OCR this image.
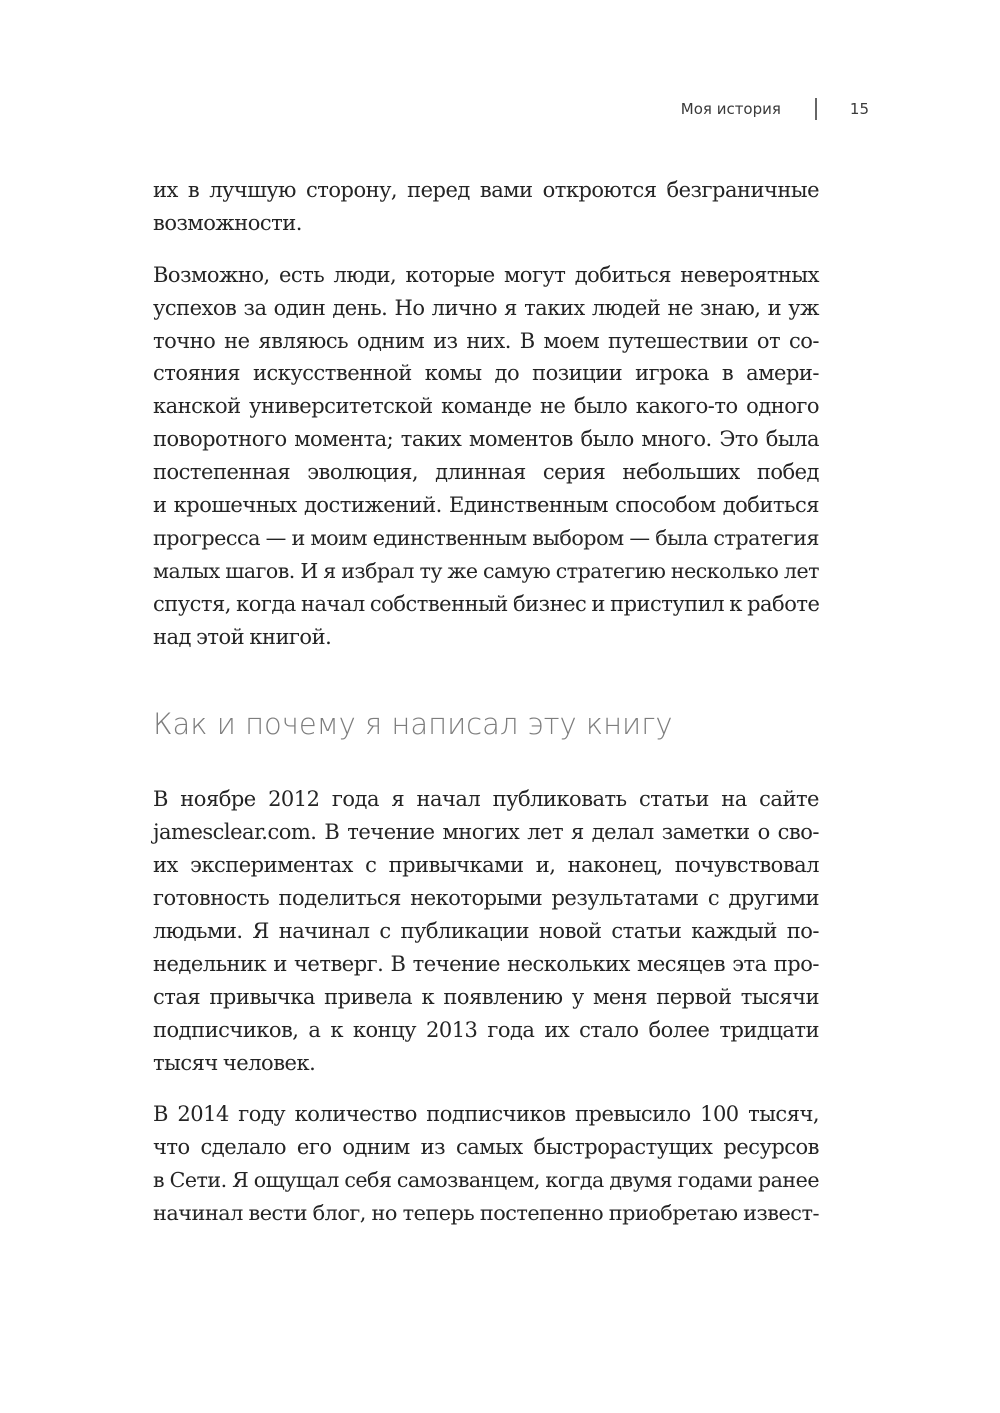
Моя история	15

их в лучшую сторону, перед вами откроются безграничные
возможности.

Возможно, есть люди, которые могут добиться невероятных
успехов за один день. Но лично я таких людей не знаю, и уж
точно не являюсь одним из них. В моем путешествии от со-
стояния искусственной комы до позиции игрока в амери-
канской университетской команде не было какого-то одного
поворотного момента; таких моментов было много. Это была
постепенная эволюция, длинная серия небольших побед
и крошечных достижений. Единственным способом добиться
прогресса — и моим единственным выбором — была стратегия
малых шагов. И я избрал ту же самую стратегию несколько лет
спустя, когда начал собственный бизнес и приступил к работе
над этой книгой.

Как и почему я написал эту книгу

В ноябре 2012 года я начал публиковать статьи на сайте
jamesclear.com. В течение многих лет я делал заметки о сво-
их экспериментах с привычками и, наконец, почувствовал
готовность поделиться некоторыми результатами с другими
людьми. Я начинал с публикации новой статьи каждый по-
недельник и четверг. В течение нескольких месяцев эта про-
стая привычка привела к появлению у меня первой тысячи
подписчиков, а к концу 2013 года их стало более тридцати
тысяч человек.

В 2014 году количество подписчиков превысило 100 тысяч,
что сделало его одним из самых быстрорастущих ресурсов
в Сети. Я ощущал себя самозванцем, когда двумя годами ранее
начинал вести блог, но теперь постепенно приобретаю извест-
